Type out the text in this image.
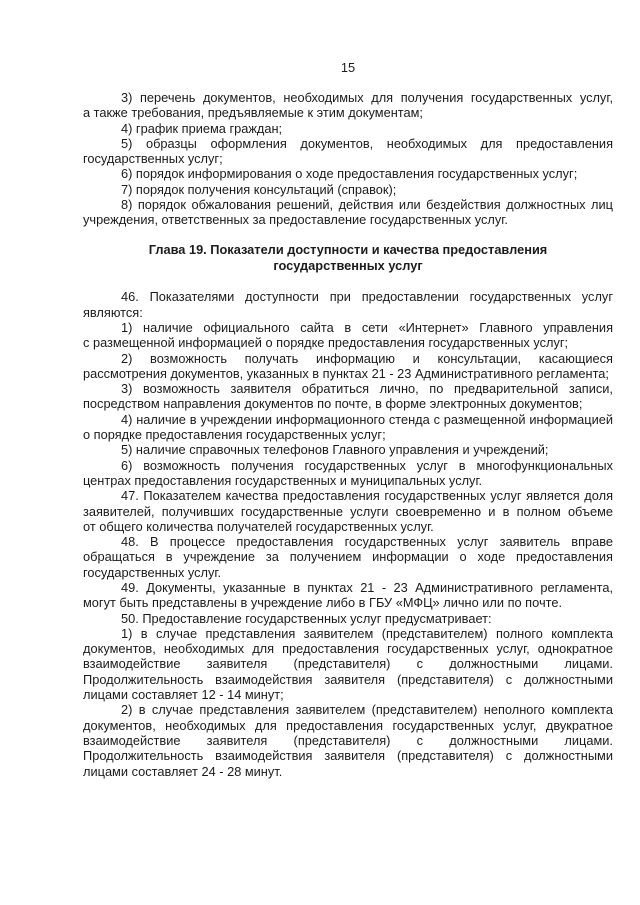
15
3) перечень документов, необходимых для получения государственных услуг,
а также требования, предъявляемые к этим документам;
4) график приема граждан;
5) образцы оформления документов, необходимых для предоставления
государственных услуг;
6) порядок информирования о ходе предоставления государственных услуг;
7) порядок получения консультаций (справок);
8) порядок обжалования решений, действия или бездействия должностных лиц
учреждения, ответственных за предоставление государственных услуг.
Глава 19. Показатели доступности и качества предоставления
государственных услуг
46. Показателями доступности при предоставлении государственных услуг
являются:
1) наличие официального сайта в сети «Интернет» Главного управления
с размещенной информацией о порядке предоставления государственных услуг;
2) возможность получать информацию и консультации, касающиеся
рассмотрения документов, указанных в пунктах 21 - 23 Административного регламента;
3) возможность заявителя обратиться лично, по предварительной записи,
посредством направления документов по почте, в форме электронных документов;
4) наличие в учреждении информационного стенда с размещенной информацией
о порядке предоставления государственных услуг;
5) наличие справочных телефонов Главного управления и учреждений;
6) возможность получения государственных услуг в многофункциональных
центрах предоставления государственных и муниципальных услуг.
47. Показателем качества предоставления государственных услуг является доля
заявителей, получивших государственные услуги своевременно и в полном объеме
от общего количества получателей государственных услуг.
48. В процессе предоставления государственных услуг заявитель вправе
обращаться в учреждение за получением информации о ходе предоставления
государственных услуг.
49. Документы, указанные в пунктах 21 - 23 Административного регламента,
могут быть представлены в учреждение либо в ГБУ «МФЦ» лично или по почте.
50. Предоставление государственных услуг предусматривает:
1) в случае представления заявителем (представителем) полного комплекта
документов, необходимых для предоставления государственных услуг, однократное
взаимодействие заявителя (представителя) с должностными лицами.
Продолжительность взаимодействия заявителя (представителя) с должностными
лицами составляет 12 - 14 минут;
2) в случае представления заявителем (представителем) неполного комплекта
документов, необходимых для предоставления государственных услуг, двукратное
взаимодействие заявителя (представителя) с должностными лицами.
Продолжительность взаимодействия заявителя (представителя) с должностными
лицами составляет 24 - 28 минут.
